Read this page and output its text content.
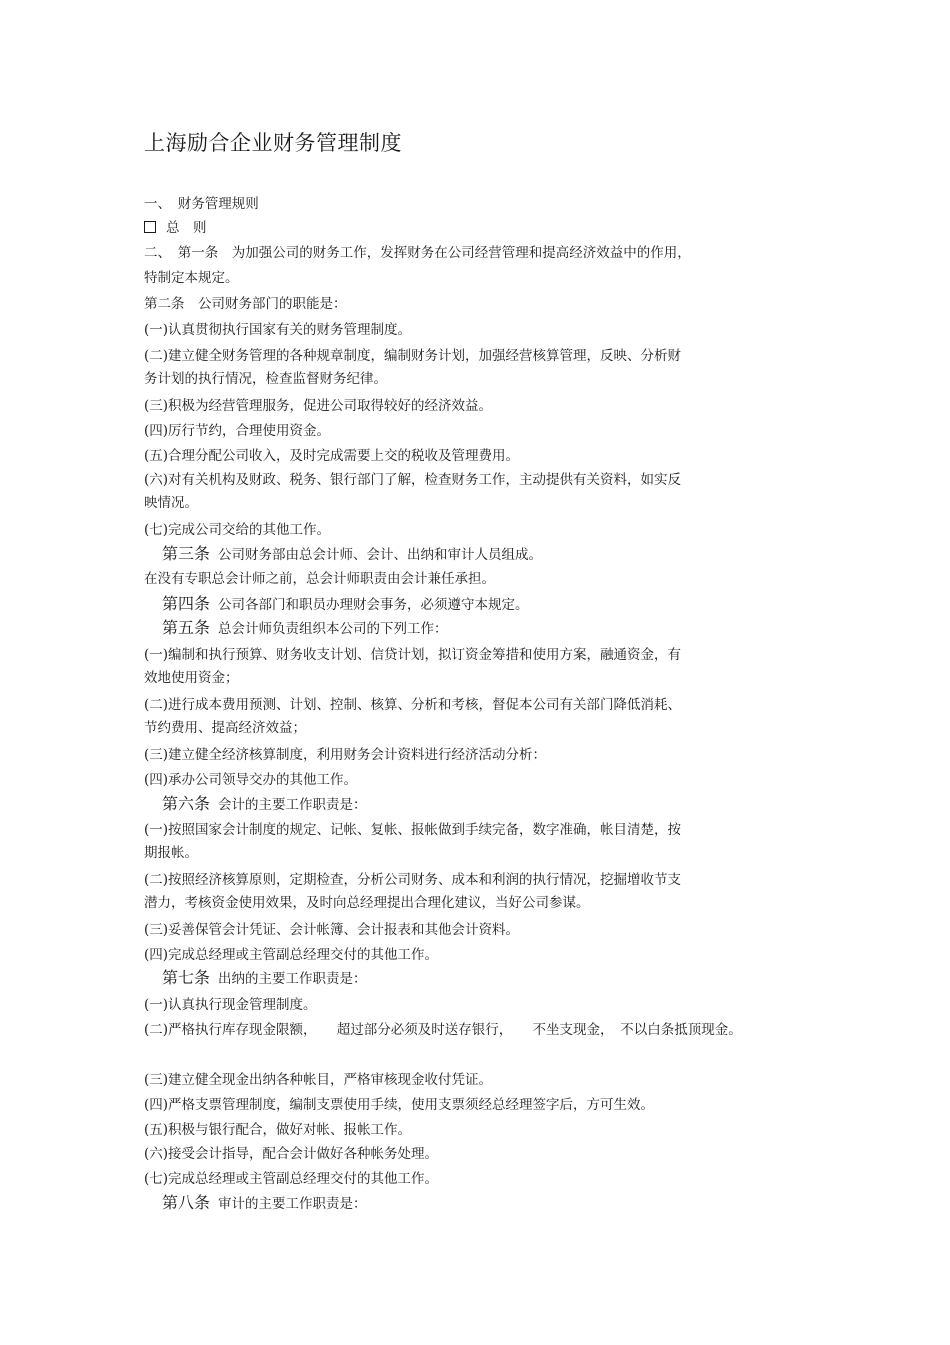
上海励合企业财务管理制度
一、　财务管理规则
总　则
二、　第一条　为加强公司的财务工作，发挥财务在公司经营管理和提高经济效益中的作用，
特制定本规定。
第二条　公司财务部门的职能是：
(一)认真贯彻执行国家有关的财务管理制度。
(二)建立健全财务管理的各种规章制度，编制财务计划，加强经营核算管理，反映、分析财
务计划的执行情况，检查监督财务纪律。
(三)积极为经营管理服务，促进公司取得较好的经济效益。
(四)厉行节约，合理使用资金。
(五)合理分配公司收入，及时完成需要上交的税收及管理费用。
(六)对有关机构及财政、税务、银行部门了解，检查财务工作，主动提供有关资料，如实反
映情况。
(七)完成公司交给的其他工作。
第三条 公司财务部由总会计师、会计、出纳和审计人员组成。
在没有专职总会计师之前，总会计师职责由会计兼任承担。
第四条 公司各部门和职员办理财会事务，必须遵守本规定。
第五条 总会计师负责组织本公司的下列工作：
(一)编制和执行预算、财务收支计划、信贷计划，拟订资金筹措和使用方案，融通资金，有
效地使用资金；
(二)进行成本费用预测、计划、控制、核算、分析和考核，督促本公司有关部门降低消耗、
节约费用、提高经济效益；
(三)建立健全经济核算制度，利用财务会计资料进行经济活动分析：
(四)承办公司领导交办的其他工作。
第六条 会计的主要工作职责是：
(一)按照国家会计制度的规定、记帐、复帐、报帐做到手续完备，数字准确，帐目清楚，按
期报帐。
(二)按照经济核算原则，定期检查，分析公司财务、成本和利润的执行情况，挖掘增收节支
潜力，考核资金使用效果，及时向总经理提出合理化建议，当好公司参谋。
(三)妥善保管会计凭证、会计帐簿、会计报表和其他会计资料。
(四)完成总经理或主管副总经理交付的其他工作。
第七条 出纳的主要工作职责是：
(一)认真执行现金管理制度。
(二)严格执行库存现金限额，　　超过部分必须及时送存银行，　　不坐支现金，　不以白条抵顶现金。
(三)建立健全现金出纳各种帐目，严格审核现金收付凭证。
(四)严格支票管理制度，编制支票使用手续，使用支票须经总经理签字后，方可生效。
(五)积极与银行配合，做好对帐、报帐工作。
(六)接受会计指导，配合会计做好各种帐务处理。
(七)完成总经理或主管副总经理交付的其他工作。
第八条 审计的主要工作职责是：
